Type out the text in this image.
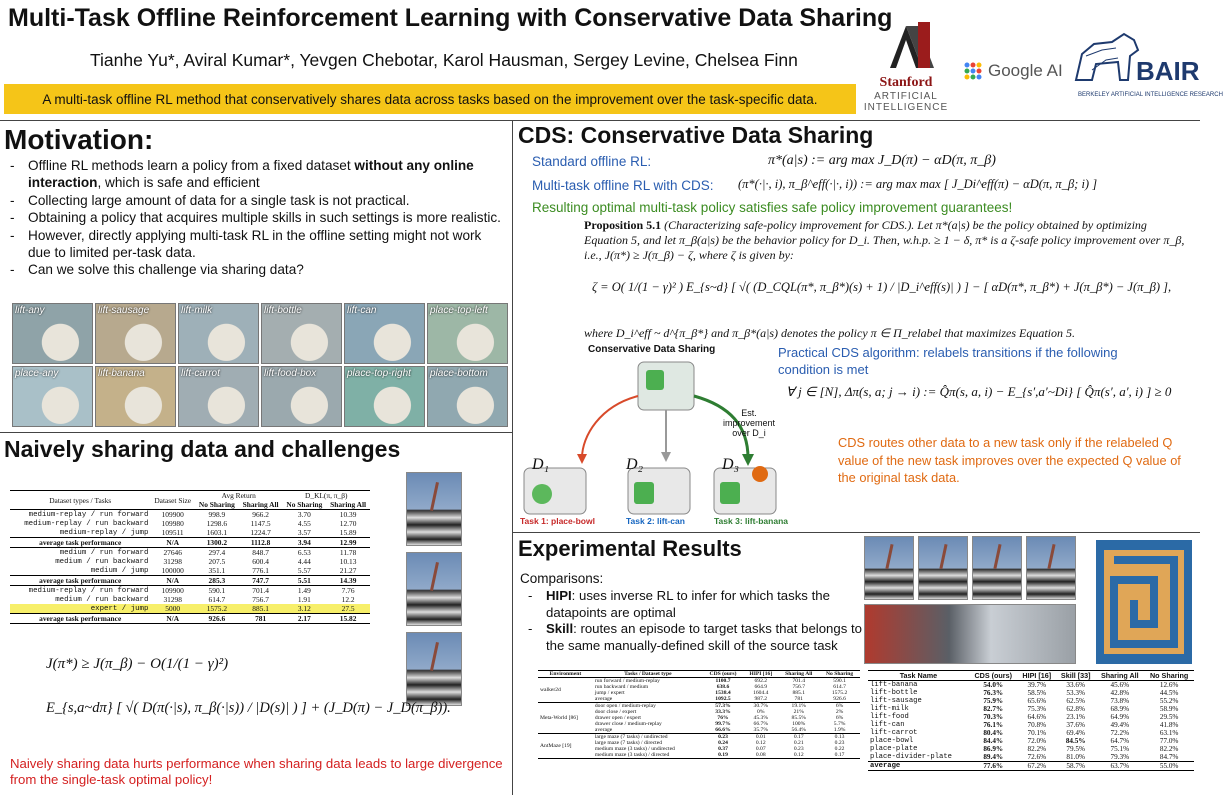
Multi-Task Offline Reinforcement Learning with Conservative Data Sharing
Tianhe Yu*, Aviral Kumar*, Yevgen Chebotar, Karol Hausman, Sergey Levine, Chelsea Finn
A multi-task offline RL method that conservatively shares data across tasks based on the improvement over the task-specific data.
Stanford
ARTIFICIAL
INTELLIGENCE
Google AI	BAIR
BERKELEY ARTIFICIAL INTELLIGENCE RESEARCH
Motivation:
- Offline RL methods learn a policy from a fixed dataset without any online interaction, which is safe and efficient
- Collecting large amount of data for a single task is not practical.
- Obtaining a policy that acquires multiple skills in such settings is more realistic.
- However, directly applying multi-task RL in the offline setting might not work due to limited per-task data.
- Can we solve this challenge via sharing data?
lift-any	lift-sausage	lift-milk	lift-bottle	lift-can	place-top-left
place-any	lift-banana	lift-carrot	lift-food-box	place-top-right place-bottom
Naively sharing data and challenges
Dataset types / Tasks	Dataset Size	Avg Return		D_KL(π, π_β)	
		No Sharing	Sharing All	No Sharing	Sharing All
medium-replay / run forward	109900	998.9	966.2	3.70	10.39
medium-replay / run backward	109980	1298.6	1147.5	4.55	12.70
medium-replay / jump	109511	1603.1	1224.7	3.57	15.89
average task performance	N/A	1300.2	1112.8	3.94	12.99
medium / run forward	27646	297.4	848.7	6.53	11.78
medium / run backward	31298	207.5	600.4	4.44	10.13
medium / jump	100000	351.1	776.1	5.57	21.27
average task performance	N/A	285.3	747.7	5.51	14.39
medium-replay / run forward	109900	590.1	701.4	1.49	7.76
medium / run backward	31298	614.7	756.7	1.91	12.2
expert / jump	5000	1575.2	885.1	3.12	27.5
average task performance	N/A	926.6	781	2.17	15.82
J(π*) ≥ J(π_β) − O(1/(1 − γ)²)
E_{s,a~dπ} [ √( D(π(·|s), π_β(·|s)) / |D(s)| ) ] + (J_D(π) − J_D(π_β)).
Naively sharing data hurts performance when sharing data leads to large divergence from the single-task optimal policy!
CDS: Conservative Data Sharing
Standard offline RL:	π*(a|s) := arg max J_D(π) − αD(π, π_β)
Multi-task offline RL with CDS: (π*(·|·, i), π_β^eff(·|·, i)) := arg max max [ J_Di^eff(π) − αD(π, π_β; i) ]
Resulting optimal multi-task policy satisfies safe policy improvement guarantees!
Proposition 5.1 (Characterizing safe-policy improvement for CDS.). Let π*(a|s) be the policy obtained by optimizing Equation 5, and let π_β(a|s) be the behavior policy for D_i. Then, w.h.p. ≥ 1 − δ, π* is a ζ-safe policy improvement over π_β, i.e., J(π*) ≥ J(π_β) − ζ, where ζ is given by:
ζ = O( 1/(1 − γ)² ) E_{s~d} [ √( (D_CQL(π*, π_β*)(s) + 1) / |D_i^eff(s)| ) ] − [ αD(π*, π_β*) + J(π_β*) − J(π_β) ],
where D_i^eff ~ d^{π_β*} and π_β*(a|s) denotes the policy π ∈ Π_relabel that maximizes Equation 5.
Conservative Data Sharing
Est. improvement over D_i
D₁	D₂	D₃
Task 1: place-bowl	Task 2: lift-can	Task 3: lift-banana
Practical CDS algorithm: relabels transitions if the following condition is met
∀ j ∈ [N], Δπ(s, a; j → i) := Q̂π(s, a, i) − E_{s′,a′~Di} [ Q̂π(s′, a′, i) ] ≥ 0
CDS routes other data to a new task only if the relabeled Q value of the new task improves over the expected Q value of the original task data.
Experimental Results
Comparisons:
- HIPI: uses inverse RL to infer for which tasks the datapoints are optimal
- Skill: routes an episode to target tasks that belongs to the same manually-defined skill of the source task
Environment	Tasks / Dataset type	CDS (ours)	HIPI [16]	Sharing All	No Sharing
walker2d	run forward / medium-replay	1100.7	692.2	701.4	590.1
	run backward / medium	638.6	664.9	756.7	614.7
	jump / expert	1538.4	1604.4	885.1	1575.2
	average	1092.5	987.2	781	926.6
Meta-World [86]	door open / medium-replay	57.3%	30.7%	19.1%	6%
	door close / expert	33.3%	0%	21%	2%
	drawer open / expert	76%	45.3%	85.5%	6%
	drawer close / medium-replay	99.7%	66.7%	100%	5.7%
	average	66.6%	35.7%	56.4%	1.9%
AntMaze [19]	large maze (7 tasks) / undirected	0.23	0.01	0.17	0.13
	large maze (7 tasks) / directed	0.24	0.12	0.21	0.23
	medium maze (3 tasks) / undirected	0.37	0.07	0.23	0.22
	medium maze (3 tasks) / directed	0.19	0.08	0.12	0.17
Task Name	CDS (ours)	HIPI [16]	Skill [33]	Sharing All	No Sharing
lift-banana	54.0%	39.7%	33.6%	45.6%	12.6%
lift-bottle	76.3%	58.5%	53.3%	42.8%	44.5%
lift-sausage	75.9%	65.6%	62.5%	73.8%	55.2%
lift-milk	82.7%	75.3%	62.8%	68.9%	58.9%
lift-food	70.3%	64.6%	23.1%	64.9%	29.5%
lift-can	76.1%	70.8%	37.6%	49.4%	41.8%
lift-carrot	80.4%	70.1%	69.4%	72.2%	63.1%
place-bowl	84.4%	72.0%	84.5%	64.7%	77.0%
place-plate	86.9%	82.2%	79.5%	75.1%	82.2%
place-divider-plate	89.4%	72.6%	81.0%	79.3%	84.7%
average	77.6%	67.2%	58.7%	63.7%	55.0%
